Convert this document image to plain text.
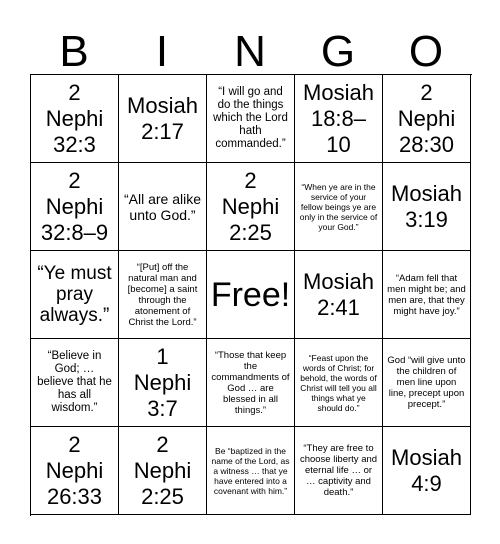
B	I	N	G	O
2
Nephi
32:3
Mosiah
2:17
“I will go and do the things which the Lord hath commanded.”
Mosiah
18:8–
10
2
Nephi
28:30
2
Nephi
32:8–9
“All are alike unto God.”
2
Nephi
2:25
“When ye are in the service of your fellow beings ye are only in the service of your God.”
Mosiah
3:19
“Ye must pray always.”
“[Put] off the natural man and [become] a saint through the atonement of Christ the Lord.”
Free! Mosiah
2:41
“Adam fell that men might be; and men are, that they might have joy.”
“Believe in God; … believe that he has all wisdom.”
1
Nephi
3:7
“Those that keep the commandments of God … are blessed in all things.”
“Feast upon the words of Christ; for behold, the words of Christ will tell you all things what ye should do.”
God “will give unto the children of men line upon line, precept upon precept.”
2
Nephi
26:33
2
Nephi
2:25
Be “baptized in the name of the Lord, as a witness … that ye have entered into a covenant with him.”
“They are free to choose liberty and eternal life … or … captivity and death.”
Mosiah
4:9
